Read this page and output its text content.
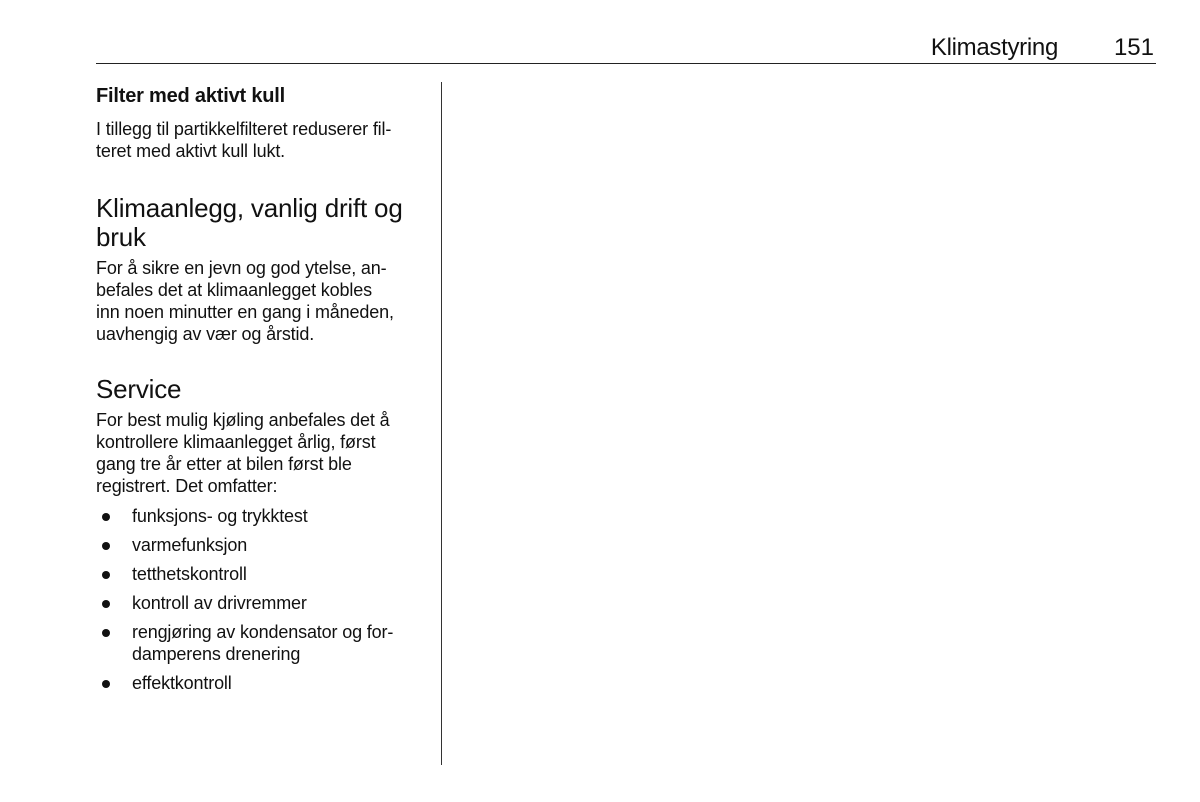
Klimastyring 151
Filter med aktivt kull

I tillegg til partikkelfilteret reduserer fil-
teret med aktivt kull lukt.

Klimaanlegg, vanlig drift og
bruk

For å sikre en jevn og god ytelse, an-
befales det at klimaanlegget kobles
inn noen minutter en gang i måneden,
uavhengig av vær og årstid.

Service

For best mulig kjøling anbefales det å
kontrollere klimaanlegget årlig, først
gang tre år etter at bilen først ble
registrert. Det omfatter:

funksjons- og trykktest
varmefunksjon
tetthetskontroll
kontroll av drivremmer
rengjøring av kondensator og for-
damperens drenering
effektkontroll
